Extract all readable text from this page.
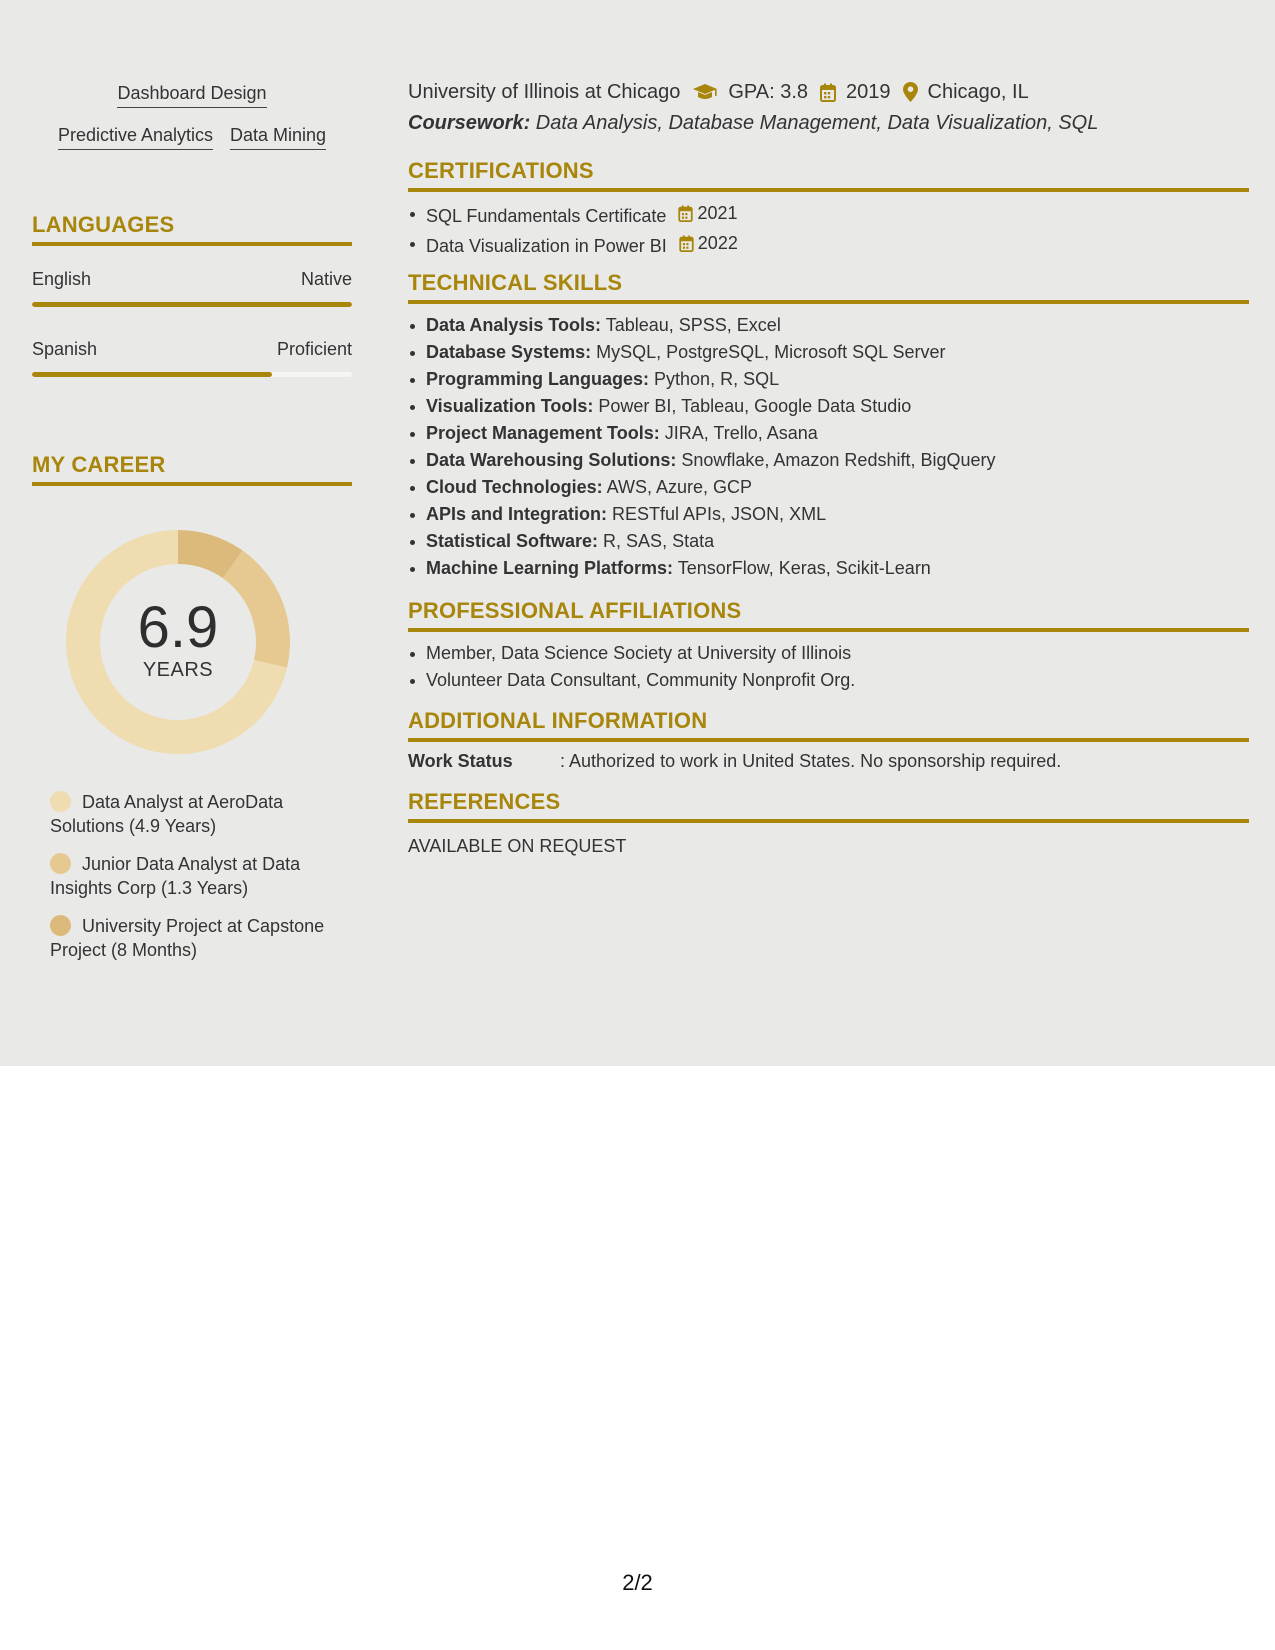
Dashboard Design
Predictive Analytics Data Mining
LANGUAGES
English	Native
Spanish	Proficient
MY CAREER
6.9
YEARS
Data Analyst at AeroData Solutions (4.9 Years)
Junior Data Analyst at Data Insights Corp (1.3 Years)
University Project at Capstone Project (8 Months)
University of Illinois at Chicago GPA: 3.8 2019 Chicago, IL
Coursework: Data Analysis, Database Management, Data Visualization, SQL
CERTIFICATIONS
SQL Fundamentals Certificate 2021
Data Visualization in Power BI 2022
TECHNICAL SKILLS
Data Analysis Tools: Tableau, SPSS, Excel
Database Systems: MySQL, PostgreSQL, Microsoft SQL Server
Programming Languages: Python, R, SQL
Visualization Tools: Power BI, Tableau, Google Data Studio
Project Management Tools: JIRA, Trello, Asana
Data Warehousing Solutions: Snowflake, Amazon Redshift, BigQuery
Cloud Technologies: AWS, Azure, GCP
APIs and Integration: RESTful APIs, JSON, XML
Statistical Software: R, SAS, Stata
Machine Learning Platforms: TensorFlow, Keras, Scikit-Learn
PROFESSIONAL AFFILIATIONS
Member, Data Science Society at University of Illinois
Volunteer Data Consultant, Community Nonprofit Org.
ADDITIONAL INFORMATION
Work Status	: Authorized to work in United States. No sponsorship required.
REFERENCES
AVAILABLE ON REQUEST
2/2
